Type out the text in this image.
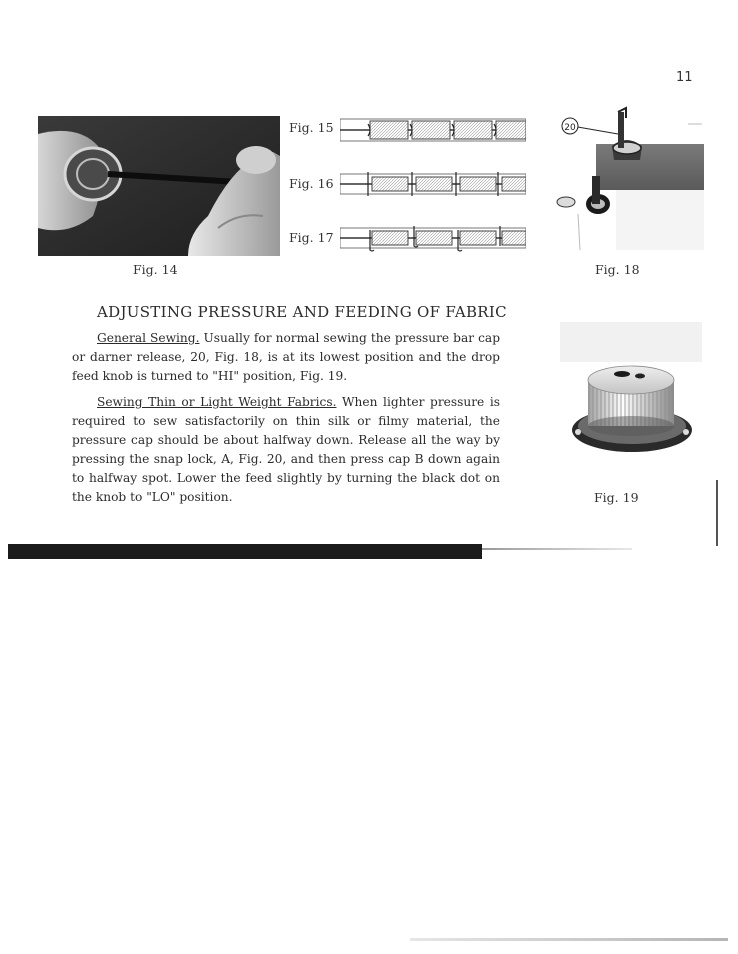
11
Fig. 14
Fig. 15
Fig. 16
Fig. 17
20
Fig. 18
ADJUSTING PRESSURE AND FEEDING OF FABRIC
General Sewing. Usually for normal sewing the pressure bar cap or darner release, 20, Fig. 18, is at its lowest position and the drop feed knob is turned to "HI" position, Fig. 19.
Sewing Thin or Light Weight Fabrics. When lighter pressure is required to sew satisfactorily on thin silk or filmy material, the pressure cap should be about halfway down. Release all the way by pressing the snap lock, A, Fig. 20, and then press cap B down again to halfway spot. Lower the feed slightly by turning the black dot on the knob to "LO" position.	Fig. 19
